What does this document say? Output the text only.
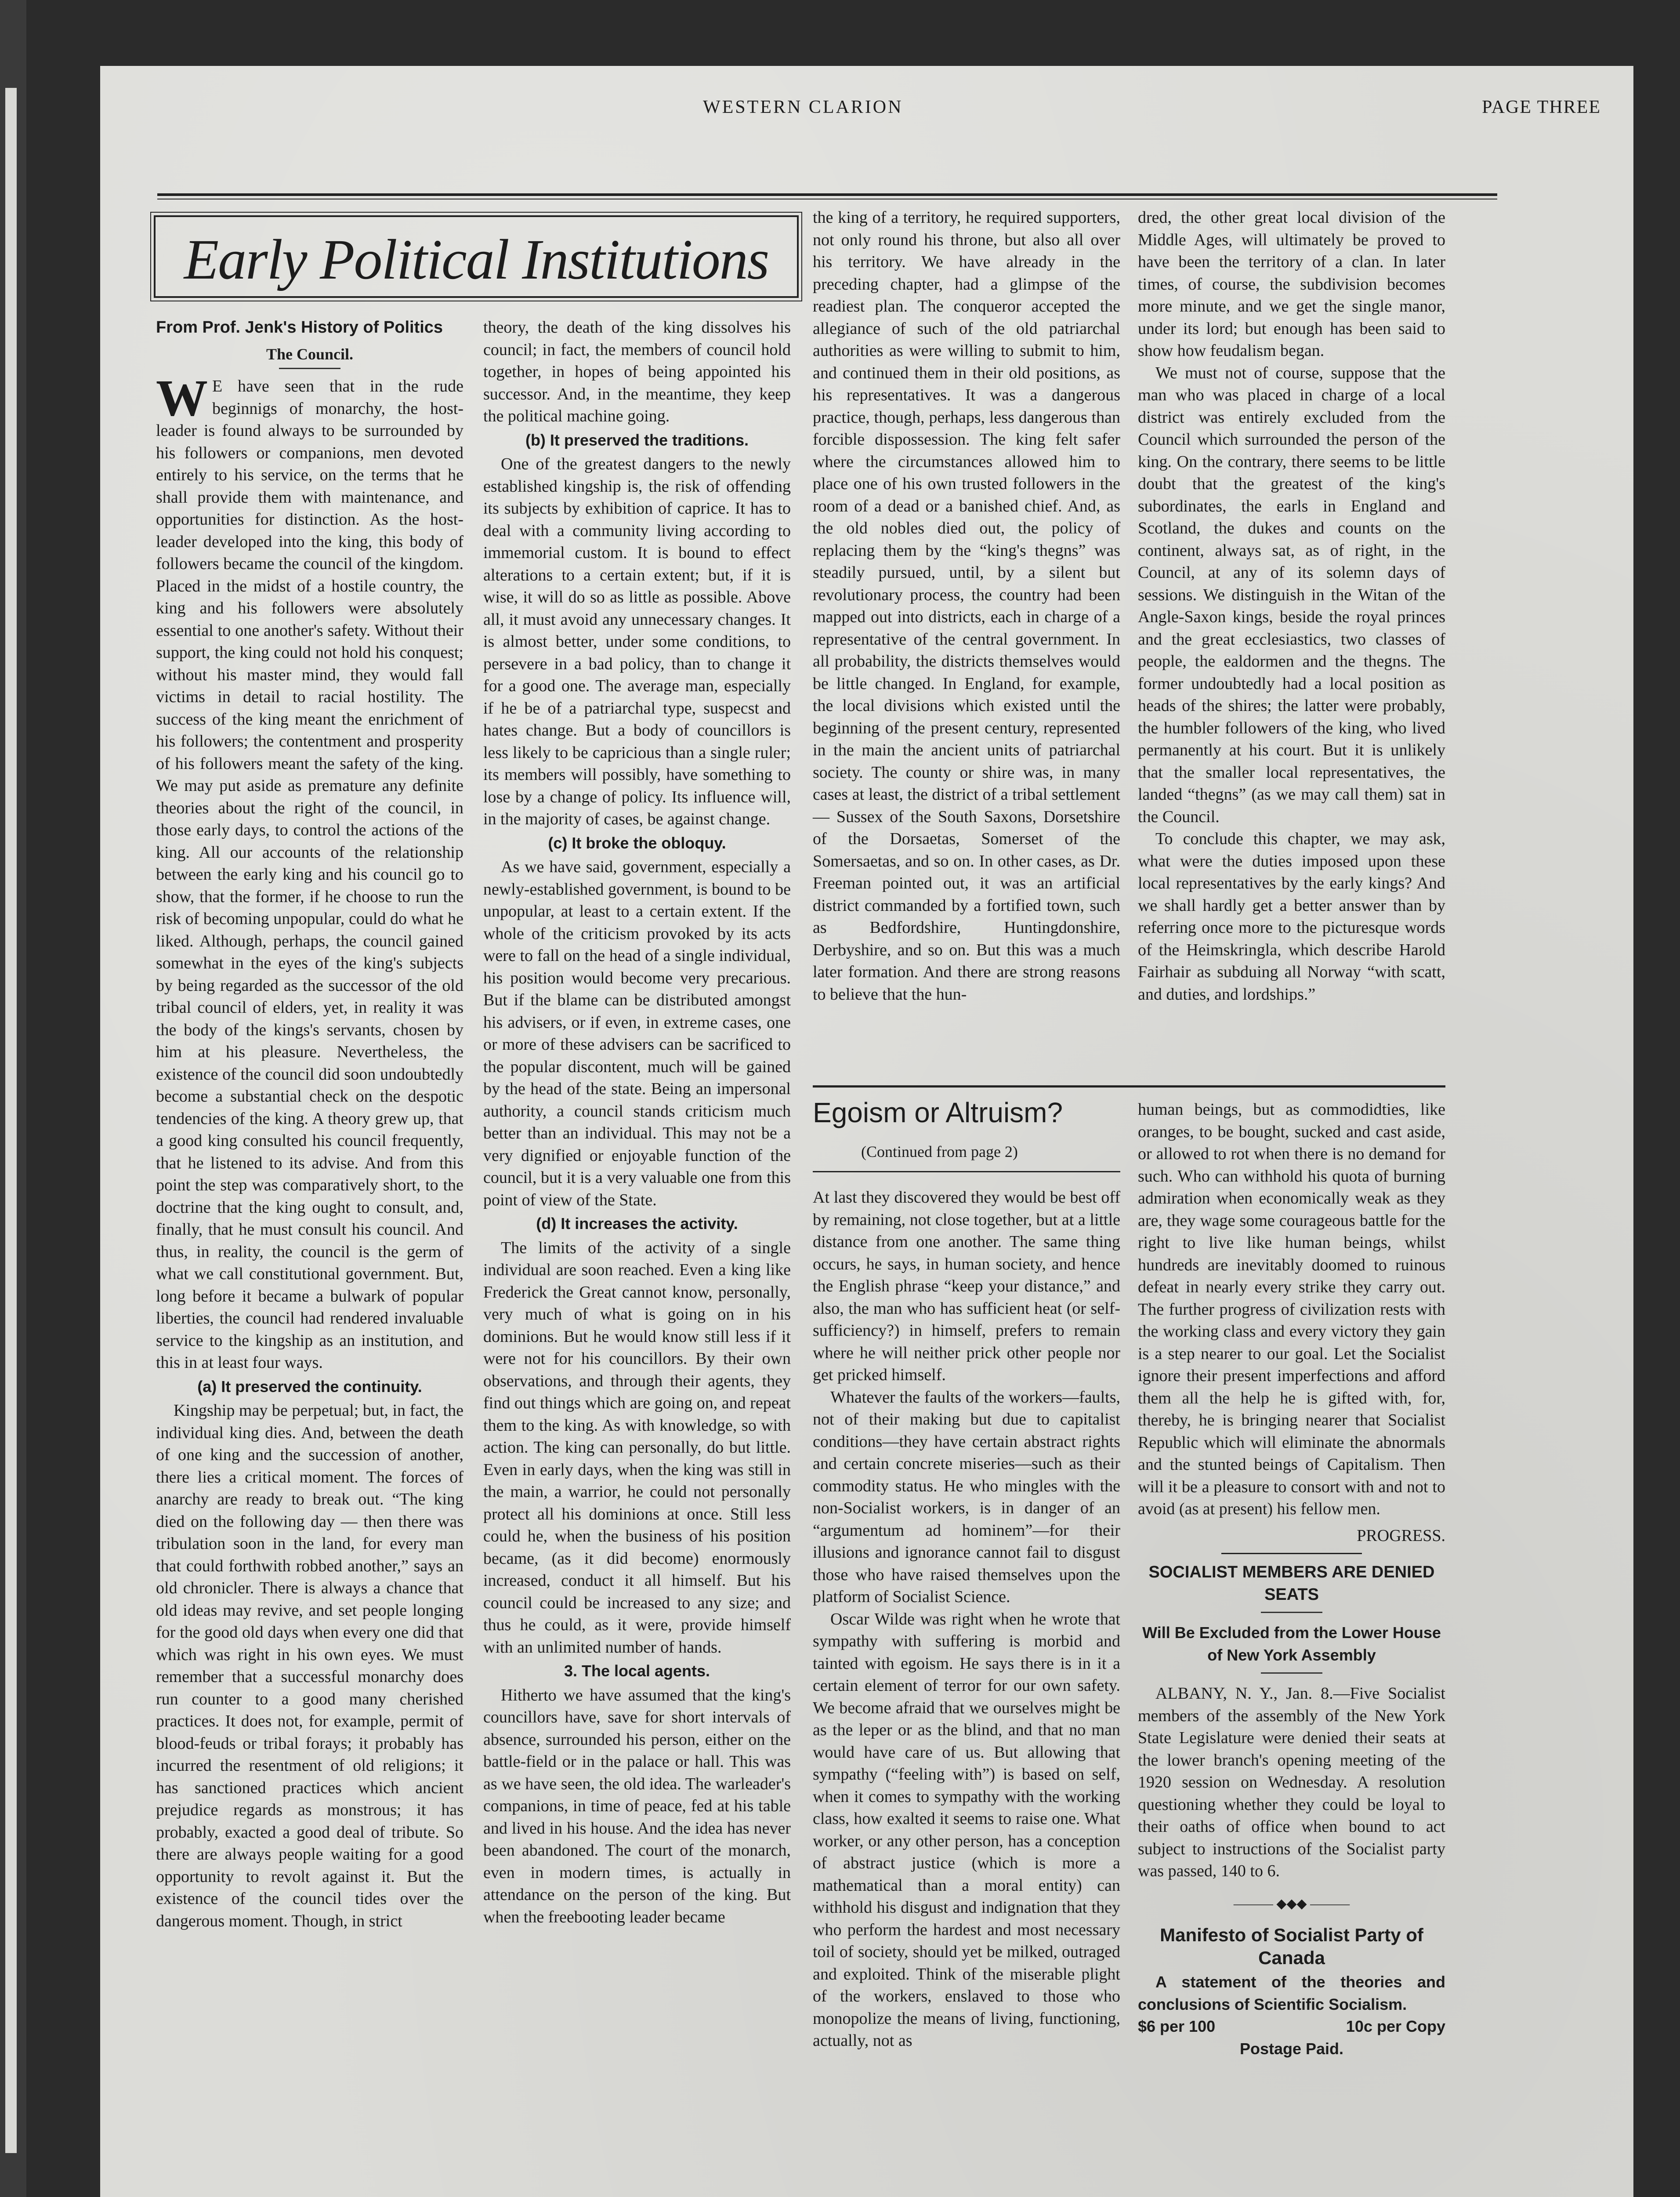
WESTERN CLARION	PAGE THREE
Early Political Institutions
From Prof. Jenk's History of Politics
The Council.

W E have seen that in the rude beginnigs of monarchy, the host-leader is found always to be surrounded by his followers or companions, men devoted entirely to his service, on the terms that he shall provide them with maintenance, and opportunities for distinction. As the host-leader developed into the king, this body of followers became the council of the kingdom. Placed in the midst of a hostile country, the king and his followers were absolutely essential to one another's safety. Without their support, the king could not hold his conquest; without his master mind, they would fall victims in detail to racial hostility. The success of the king meant the enrichment of his followers; the contentment and prosperity of his followers meant the safety of the king. We may put aside as premature any definite theories about the right of the council, in those early days, to control the actions of the king. All our accounts of the relationship between the early king and his council go to show, that the former, if he choose to run the risk of becoming unpopular, could do what he liked. Although, perhaps, the council gained somewhat in the eyes of the king's subjects by being regarded as the successor of the old tribal council of elders, yet, in reality it was the body of the kings's servants, chosen by him at his pleasure. Nevertheless, the existence of the council did soon undoubtedly become a substantial check on the despotic tendencies of the king. A theory grew up, that a good king consulted his council frequently, that he listened to its advise. And from this point the step was comparatively short, to the doctrine that the king ought to consult, and, finally, that he must consult his council. And thus, in reality, the council is the germ of what we call constitutional government. But, long before it became a bulwark of popular liberties, the council had rendered invaluable service to the kingship as an institution, and this in at least four ways.

(a) It preserved the continuity.

Kingship may be perpetual; but, in fact, the individual king dies. And, between the death of one king and the succession of another, there lies a critical moment. The forces of anarchy are ready to break out. “The king died on the following day — then there was tribulation soon in the land, for every man that could forthwith robbed another,” says an old chronicler. There is always a chance that old ideas may revive, and set people longing for the good old days when every one did that which was right in his own eyes. We must remember that a successful monarchy does run counter to a good many cherished practices. It does not, for example, permit of blood-feuds or tribal forays; it probably has incurred the resentment of old religions; it has sanctioned practices which ancient prejudice regards as monstrous; it has probably, exacted a good deal of tribute. So there are always people waiting for a good opportunity to revolt against it. But the existence of the council tides over the dangerous moment. Though, in strict

theory, the death of the king dissolves his council; in fact, the members of council hold together, in hopes of being appointed his successor. And, in the meantime, they keep the political machine going.

(b) It preserved the traditions.

One of the greatest dangers to the newly established kingship is, the risk of offending its subjects by exhibition of caprice. It has to deal with a community living according to immemorial custom. It is bound to effect alterations to a certain extent; but, if it is wise, it will do so as little as possible. Above all, it must avoid any unnecessary changes. It is almost better, under some conditions, to persevere in a bad policy, than to change it for a good one. The average man, especially if he be of a patriarchal type, suspecst and hates change. But a body of councillors is less likely to be capricious than a single ruler; its members will possibly, have something to lose by a change of policy. Its influence will, in the majority of cases, be against change.

(c) It broke the obloquy.

As we have said, government, especially a newly-established government, is bound to be unpopular, at least to a certain extent. If the whole of the criticism provoked by its acts were to fall on the head of a single individual, his position would become very precarious. But if the blame can be distributed amongst his advisers, or if even, in extreme cases, one or more of these advisers can be sacrificed to the popular discontent, much will be gained by the head of the state. Being an impersonal authority, a council stands criticism much better than an individual. This may not be a very dignified or enjoyable function of the council, but it is a very valuable one from this point of view of the State.

(d) It increases the activity.

The limits of the activity of a single individual are soon reached. Even a king like Frederick the Great cannot know, personally, very much of what is going on in his dominions. But he would know still less if it were not for his councillors. By their own observations, and through their agents, they find out things which are going on, and repeat them to the king. As with knowledge, so with action. The king can personally, do but little. Even in early days, when the king was still in the main, a warrior, he could not personally protect all his dominions at once. Still less could he, when the business of his position became, (as it did become) enormously increased, conduct it all himself. But his council could be increased to any size; and thus he could, as it were, provide himself with an unlimited number of hands.

3. The local agents.

Hitherto we have assumed that the king's councillors have, save for short intervals of absence, surrounded his person, either on the battle-field or in the palace or hall. This was as we have seen, the old idea. The warleader's companions, in time of peace, fed at his table and lived in his house. And the idea has never been abandoned. The court of the monarch, even in modern times, is actually in attendance on the person of the king. But when the freebooting leader became

the king of a territory, he required supporters, not only round his throne, but also all over his territory. We have already in the preceding chapter, had a glimpse of the readiest plan. The conqueror accepted the allegiance of such of the old patriarchal authorities as were willing to submit to him, and continued them in their old positions, as his representatives. It was a dangerous practice, though, perhaps, less dangerous than forcible dispossession. The king felt safer where the circumstances allowed him to place one of his own trusted followers in the room of a dead or a banished chief. And, as the old nobles died out, the policy of replacing them by the “king's thegns” was steadily pursued, until, by a silent but revolutionary process, the country had been mapped out into districts, each in charge of a representative of the central government. In all probability, the districts themselves would be little changed. In England, for example, the local divisions which existed until the beginning of the present century, represented in the main the ancient units of patriarchal society. The county or shire was, in many cases at least, the district of a tribal settlement — Sussex of the South Saxons, Dorsetshire of the Dorsaetas, Somerset of the Somersaetas, and so on. In other cases, as Dr. Freeman pointed out, it was an artificial district commanded by a fortified town, such as Bedfordshire, Huntingdonshire, Derbyshire, and so on. But this was a much later formation. And there are strong reasons to believe that the hun-

dred, the other great local division of the Middle Ages, will ultimately be proved to have been the territory of a clan. In later times, of course, the subdivision becomes more minute, and we get the single manor, under its lord; but enough has been said to show how feudalism began.

We must not of course, suppose that the man who was placed in charge of a local district was entirely excluded from the Council which surrounded the person of the king. On the contrary, there seems to be little doubt that the greatest of the king's subordinates, the earls in England and Scotland, the dukes and counts on the continent, always sat, as of right, in the Council, at any of its solemn days of sessions. We distinguish in the Witan of the Angle-Saxon kings, beside the royal princes and the great ecclesiastics, two classes of people, the ealdormen and the thegns. The former undoubtedly had a local position as heads of the shires; the latter were probably, the humbler followers of the king, who lived permanently at his court. But it is unlikely that the smaller local representatives, the landed “thegns” (as we may call them) sat in the Council.

To conclude this chapter, we may ask, what were the duties imposed upon these local representatives by the early kings? And we shall hardly get a better answer than by referring once more to the picturesque words of the Heimskringla, which describe Harold Fairhair as subduing all Norway “with scatt, and duties, and lordships.”

Egoism or Altruism?
(Continued from page 2)

At last they discovered they would be best off by remaining, not close together, but at a little distance from one another. The same thing occurs, he says, in human society, and hence the English phrase “keep your distance,” and also, the man who has sufficient heat (or self-sufficiency?) in himself, prefers to remain where he will neither prick other people nor get pricked himself.

Whatever the faults of the workers—faults, not of their making but due to capitalist conditions—they have certain abstract rights and certain concrete miseries—such as their commodity status. He who mingles with the non-Socialist workers, is in danger of an “argumentum ad hominem”—for their illusions and ignorance cannot fail to disgust those who have raised themselves upon the platform of Socialist Science.

Oscar Wilde was right when he wrote that sympathy with suffering is morbid and tainted with egoism. He says there is in it a certain element of terror for our own safety. We become afraid that we ourselves might be as the leper or as the blind, and that no man would have care of us. But allowing that sympathy (“feeling with”) is based on self, when it comes to sympathy with the working class, how exalted it seems to raise one. What worker, or any other person, has a conception of abstract justice (which is more a mathematical than a moral entity) can withhold his disgust and indignation that they who perform the hardest and most necessary toil of society, should yet be milked, outraged and exploited. Think of the miserable plight of the workers, enslaved to those who monopolize the means of living, functioning, actually, not as

human beings, but as commodidties, like oranges, to be bought, sucked and cast aside, or allowed to rot when there is no demand for such. Who can withhold his quota of burning admiration when economically weak as they are, they wage some courageous battle for the right to live like human beings, whilst hundreds are inevitably doomed to ruinous defeat in nearly every strike they carry out. The further progress of civilization rests with the working class and every victory they gain is a step nearer to our goal. Let the Socialist ignore their present imperfections and afford them all the help he is gifted with, for, thereby, he is bringing nearer that Socialist Republic which will eliminate the abnormals and the stunted beings of Capitalism. Then will it be a pleasure to consort with and not to avoid (as at present) his fellow men.

PROGRESS.
SOCIALIST MEMBERS ARE DENIED SEATS
Will Be Excluded from the Lower House of New York Assembly

ALBANY, N. Y., Jan. 8.—Five Socialist members of the assembly of the New York State Legislature were denied their seats at the lower branch's opening meeting of the 1920 session on Wednesday. A resolution questioning whether they could be loyal to their oaths of office when bound to act subject to instructions of the Socialist party was passed, 140 to 6.

——— ◆◆◆ ———
Manifesto of Socialist Party of Canada

A statement of the theories and conclusions of Scientific Socialism.

$6 per 100	10c per Copy
Postage Paid.
